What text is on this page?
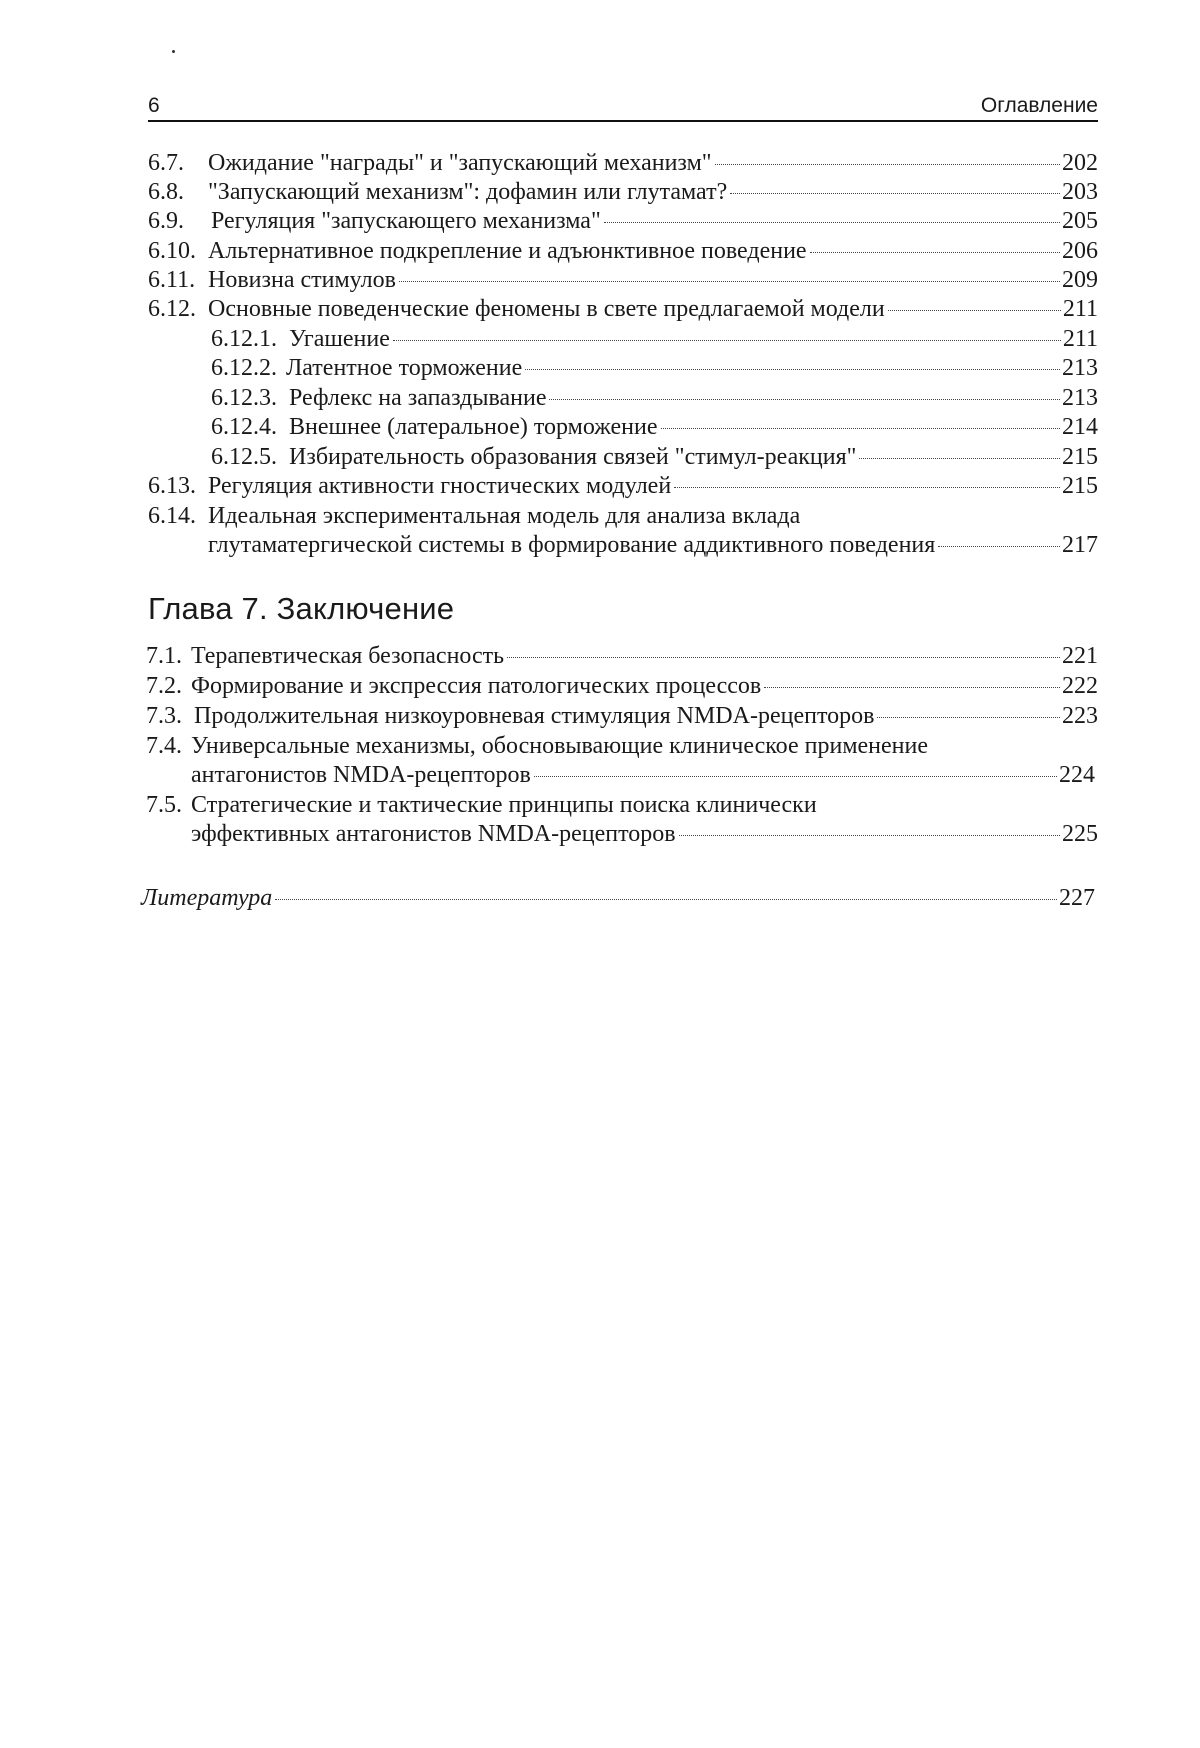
6	Оглавление
6.7.	Ожидание "награды" и "запускающий механизм"	202
6.8.	"Запускающий механизм": дофамин или глутамат?	203
6.9.	Регуляция "запускающего механизма"	205
6.10. Альтернативное подкрепление и адъюнктивное поведение	206
6.11. Новизна стимулов	209
6.12. Основные поведенческие феномены в свете предлагаемой модели	211
6.12.1. Угашение	211
6.12.2. Латентное торможение	213
6.12.3. Рефлекс на запаздывание	213
6.12.4. Внешнее (латеральное) торможение	214
6.12.5. Избирательность образования связей "стимул-реакция"	215
6.13. Регуляция активности гностических модулей	215
6.14. Идеальная экспериментальная модель для анализа вклада
глутаматергической системы в формирование аддиктивного поведения	217
Глава 7. Заключение
7.1. Терапевтическая безопасность	221
7.2. Формирование и экспрессия патологических процессов	222
7.3. Продолжительная низкоуровневая стимуляция NMDA-рецепторов	223
7.4. Универсальные механизмы, обосновывающие клиническое применение
антагонистов NMDA-рецепторов	224
7.5. Стратегические и тактические принципы поиска клинически
эффективных антагонистов NMDA-рецепторов	225
Литература	227
